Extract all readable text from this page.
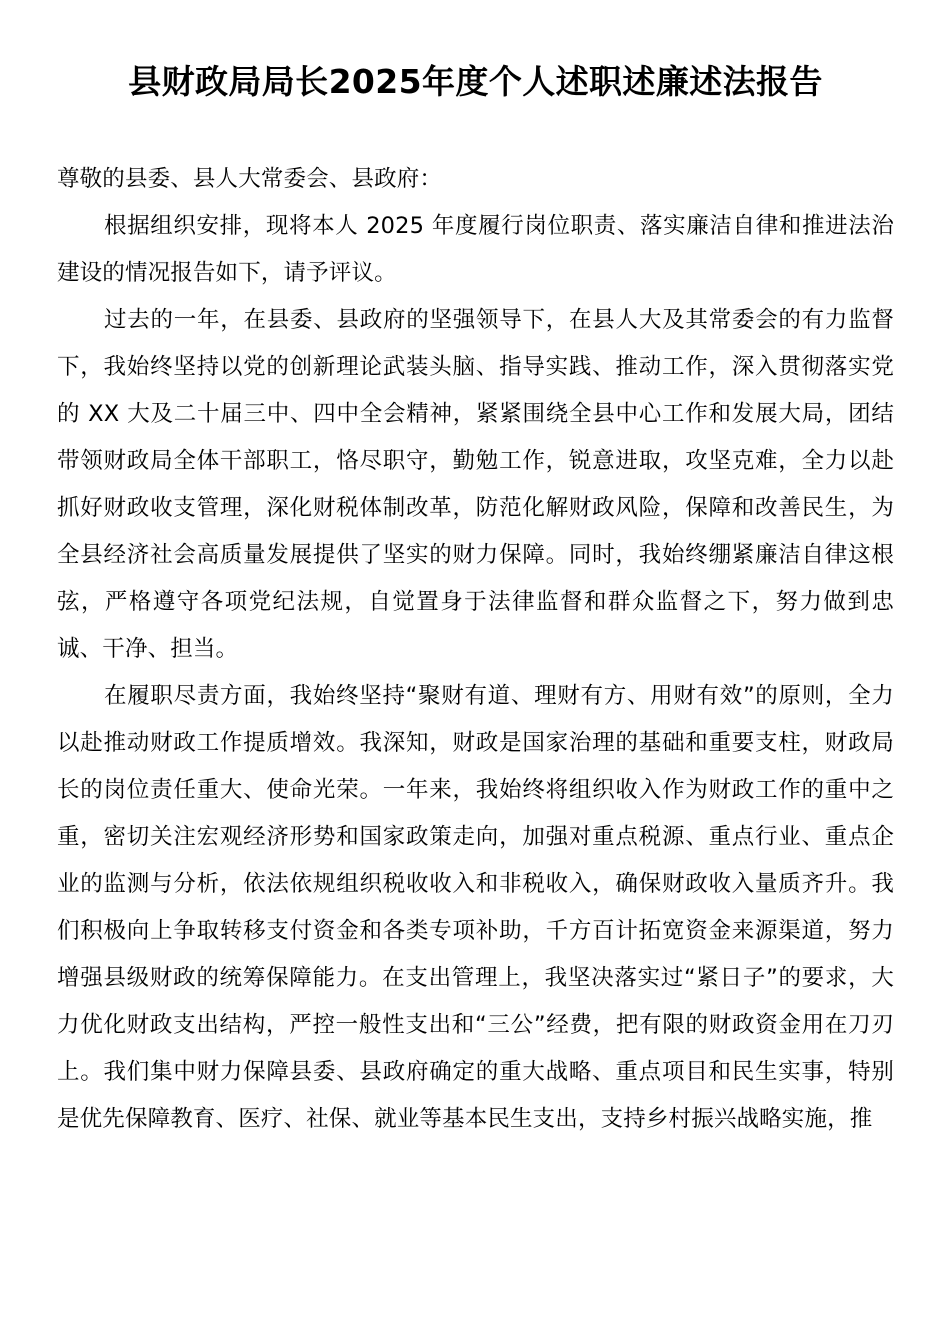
县财政局局长2025年度个人述职述廉述法报告

尊敬的县委、县人大常委会、县政府：

根据组织安排，现将本人 2025 年度履行岗位职责、落实廉洁自律和推进法治建设的情况报告如下，请予评议。

过去的一年，在县委、县政府的坚强领导下，在县人大及其常委会的有力监督下，我始终坚持以党的创新理论武装头脑、指导实践、推动工作，深入贯彻落实党的 XX 大及二十届三中、四中全会精神，紧紧围绕全县中心工作和发展大局，团结带领财政局全体干部职工，恪尽职守，勤勉工作，锐意进取，攻坚克难，全力以赴抓好财政收支管理，深化财税体制改革，防范化解财政风险，保障和改善民生，为全县经济社会高质量发展提供了坚实的财力保障。同时，我始终绷紧廉洁自律这根弦，严格遵守各项党纪法规，自觉置身于法律监督和群众监督之下，努力做到忠诚、干净、担当。

在履职尽责方面，我始终坚持“聚财有道、理财有方、用财有效”的原则，全力以赴推动财政工作提质增效。我深知，财政是国家治理的基础和重要支柱，财政局长的岗位责任重大、使命光荣。一年来，我始终将组织收入作为财政工作的重中之重，密切关注宏观经济形势和国家政策走向，加强对重点税源、重点行业、重点企业的监测与分析，依法依规组织税收收入和非税收入，确保财政收入量质齐升。我们积极向上争取转移支付资金和各类专项补助，千方百计拓宽资金来源渠道，努力增强县级财政的统筹保障能力。在支出管理上，我坚决落实过“紧日子”的要求，大力优化财政支出结构，严控一般性支出和“三公”经费，把有限的财政资金用在刀刃上。我们集中财力保障县委、县政府确定的重大战略、重点项目和民生实事，特别是优先保障教育、医疗、社保、就业等基本民生支出，支持乡村振兴战略实施，推
